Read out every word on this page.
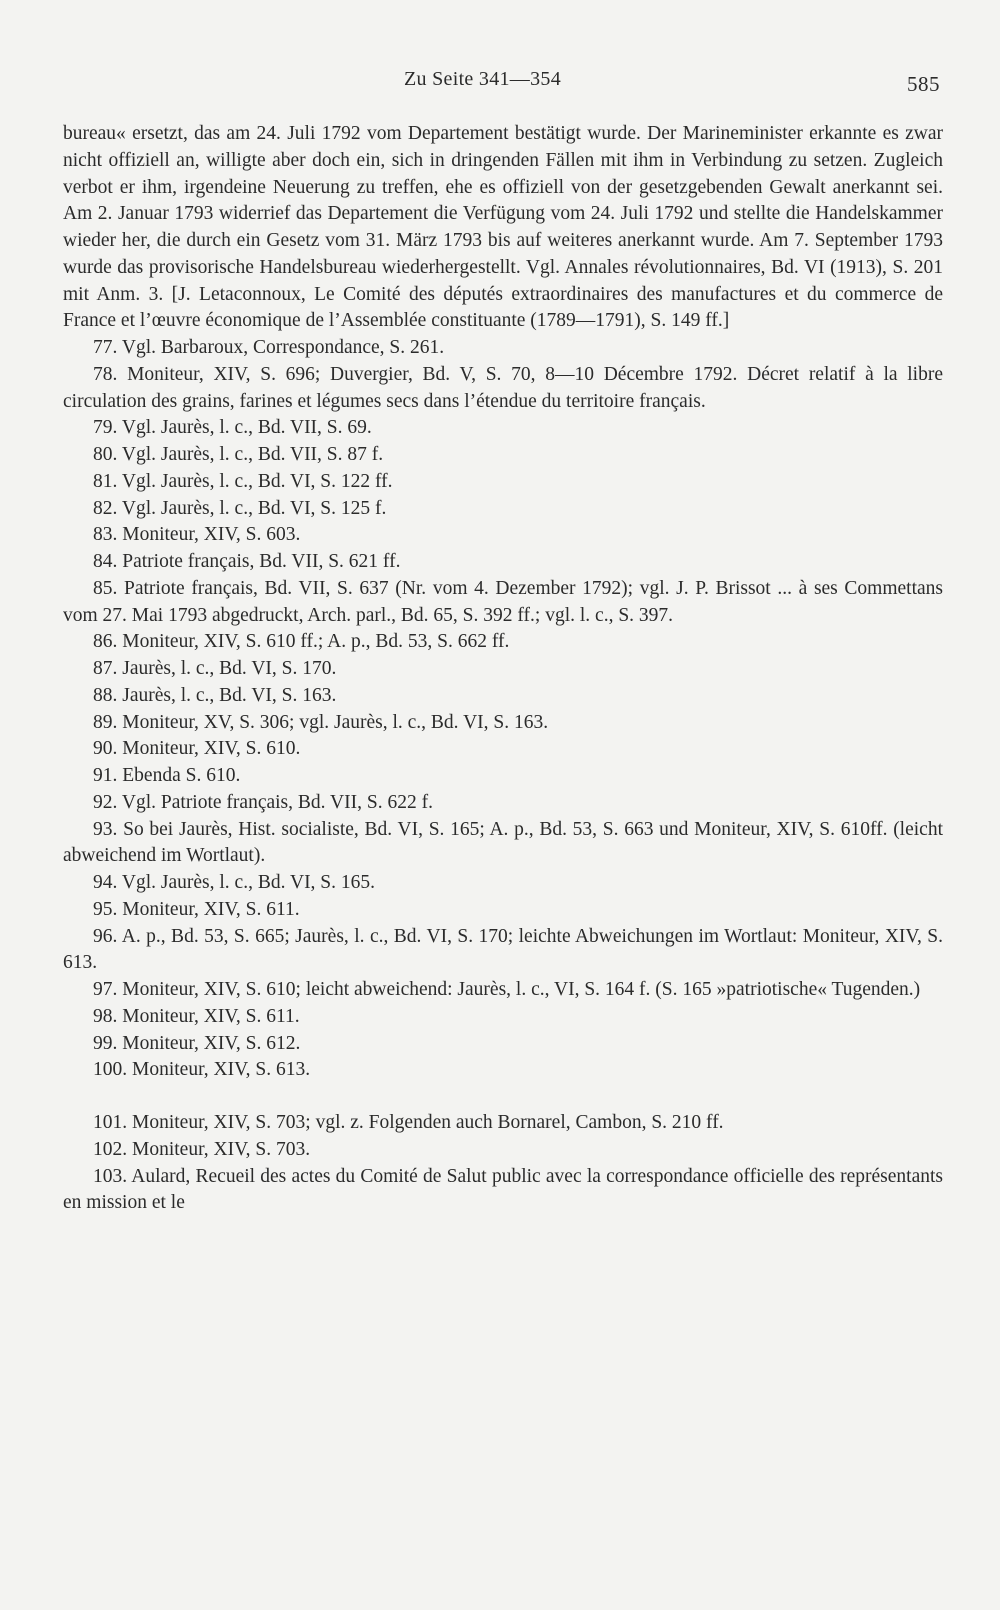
Zu Seite 341—354	585

bureau« ersetzt, das am 24. Juli 1792 vom Departement bestätigt wurde. Der Marineminister erkannte es zwar nicht offiziell an, willigte aber doch ein, sich in dringenden Fällen mit ihm in Verbindung zu setzen. Zugleich verbot er ihm, irgendeine Neuerung zu treffen, ehe es offiziell von der gesetzgebenden Gewalt anerkannt sei. Am 2. Januar 1793 widerrief das Departement die Verfügung vom 24. Juli 1792 und stellte die Handelskammer wieder her, die durch ein Gesetz vom 31. März 1793 bis auf weiteres anerkannt wurde. Am 7. September 1793 wurde das provisorische Handelsbureau wiederhergestellt. Vgl. Annales révolutionnaires, Bd. VI (1913), S. 201 mit Anm. 3. [J. Letaconnoux, Le Comité des députés extraordinaires des manufactures et du commerce de France et l’œuvre économique de l’Assemblée constituante (1789—1791), S. 149 ff.]

77. Vgl. Barbaroux, Correspondance, S. 261.

78. Moniteur, XIV, S. 696; Duvergier, Bd. V, S. 70, 8—10 Décembre 1792. Décret relatif à la libre circulation des grains, farines et légumes secs dans l’étendue du territoire français.

79. Vgl. Jaurès, l. c., Bd. VII, S. 69.

80. Vgl. Jaurès, l. c., Bd. VII, S. 87 f.

81. Vgl. Jaurès, l. c., Bd. VI, S. 122 ff.

82. Vgl. Jaurès, l. c., Bd. VI, S. 125 f.

83. Moniteur, XIV, S. 603.

84. Patriote français, Bd. VII, S. 621 ff.

85. Patriote français, Bd. VII, S. 637 (Nr. vom 4. Dezember 1792); vgl. J. P. Brissot ... à ses Commettans vom 27. Mai 1793 abgedruckt, Arch. parl., Bd. 65, S. 392 ff.; vgl. l. c., S. 397.

86. Moniteur, XIV, S. 610 ff.; A. p., Bd. 53, S. 662 ff.

87. Jaurès, l. c., Bd. VI, S. 170.

88. Jaurès, l. c., Bd. VI, S. 163.

89. Moniteur, XV, S. 306; vgl. Jaurès, l. c., Bd. VI, S. 163.

90. Moniteur, XIV, S. 610.

91. Ebenda S. 610.

92. Vgl. Patriote français, Bd. VII, S. 622 f.

93. So bei Jaurès, Hist. socialiste, Bd. VI, S. 165; A. p., Bd. 53, S. 663 und Moniteur, XIV, S. 610ff. (leicht abweichend im Wortlaut).

94. Vgl. Jaurès, l. c., Bd. VI, S. 165.

95. Moniteur, XIV, S. 611.

96. A. p., Bd. 53, S. 665; Jaurès, l. c., Bd. VI, S. 170; leichte Abweichungen im Wortlaut: Moniteur, XIV, S. 613.

97. Moniteur, XIV, S. 610; leicht abweichend: Jaurès, l. c., VI, S. 164 f. (S. 165 »patriotische« Tugenden.)

98. Moniteur, XIV, S. 611.

99. Moniteur, XIV, S. 612.

100. Moniteur, XIV, S. 613.

101. Moniteur, XIV, S. 703; vgl. z. Folgenden auch Bornarel, Cambon, S. 210 ff.

102. Moniteur, XIV, S. 703.

103. Aulard, Recueil des actes du Comité de Salut public avec la correspondance officielle des représentants en mission et le
